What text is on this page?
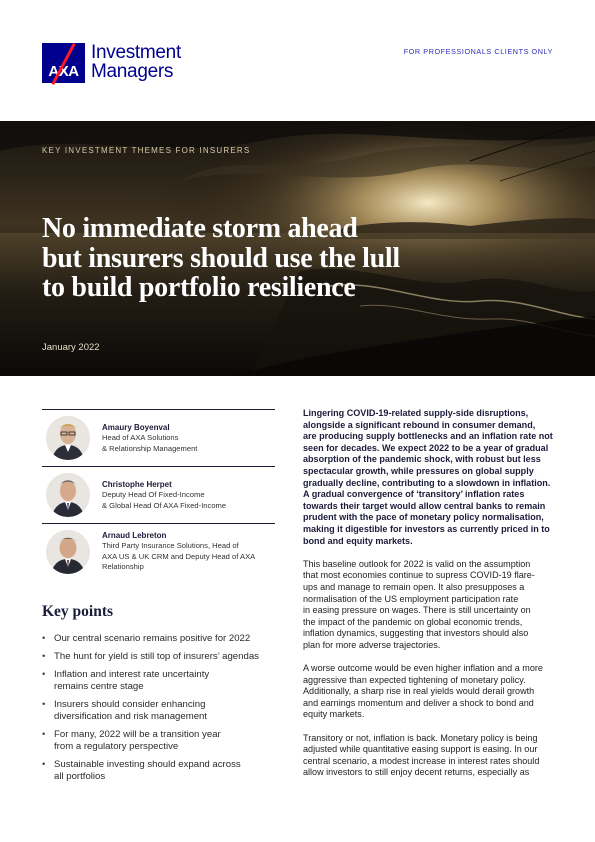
AXA
Investment
Managers
FOR PROFESSIONALS CLIENTS ONLY
KEY INVESTMENT THEMES FOR INSURERS
No immediate storm ahead
but insurers should use the lull
to build portfolio resilience
January 2022
Amaury Boyenval
Head of AXA Solutions
& Relationship Management
Christophe Herpet
Deputy Head Of Fixed-Income
& Global Head Of AXA Fixed-Income
Arnaud Lebreton
Third Party Insurance Solutions, Head of
AXA US & UK CRM and Deputy Head of AXA
Relationship
Key points
• Our central scenario remains positive for 2022
• The hunt for yield is still top of insurers’ agendas
• Inflation and interest rate uncertainty
remains centre stage
• Insurers should consider enhancing
diversification and risk management
• For many, 2022 will be a transition year
from a regulatory perspective
• Sustainable investing should expand across
all portfolios

Lingering COVID-19-related supply-side disruptions,
alongside a significant rebound in consumer demand,
are producing supply bottlenecks and an inflation rate not
seen for decades. We expect 2022 to be a year of gradual
absorption of the pandemic shock, with robust but less
spectacular growth, while pressures on global supply
gradually decline, contributing to a slowdown in inflation.
A gradual convergence of ‘transitory’ inflation rates
towards their target would allow central banks to remain
prudent with the pace of monetary policy normalisation,
making it digestible for investors as currently priced in to
bond and equity markets.

This baseline outlook for 2022 is valid on the assumption
that most economies continue to supress COVID-19 flare-
ups and manage to remain open. It also presupposes a
normalisation of the US employment participation rate
in easing pressure on wages. There is still uncertainty on
the impact of the pandemic on global economic trends,
inflation dynamics, suggesting that investors should also
plan for more adverse trajectories.

A worse outcome would be even higher inflation and a more
aggressive than expected tightening of monetary policy.
Additionally, a sharp rise in real yields would derail growth
and earnings momentum and deliver a shock to bond and
equity markets.

Transitory or not, inflation is back. Monetary policy is being
adjusted while quantitative easing support is easing. In our
central scenario, a modest increase in interest rates should
allow investors to still enjoy decent returns, especially as
